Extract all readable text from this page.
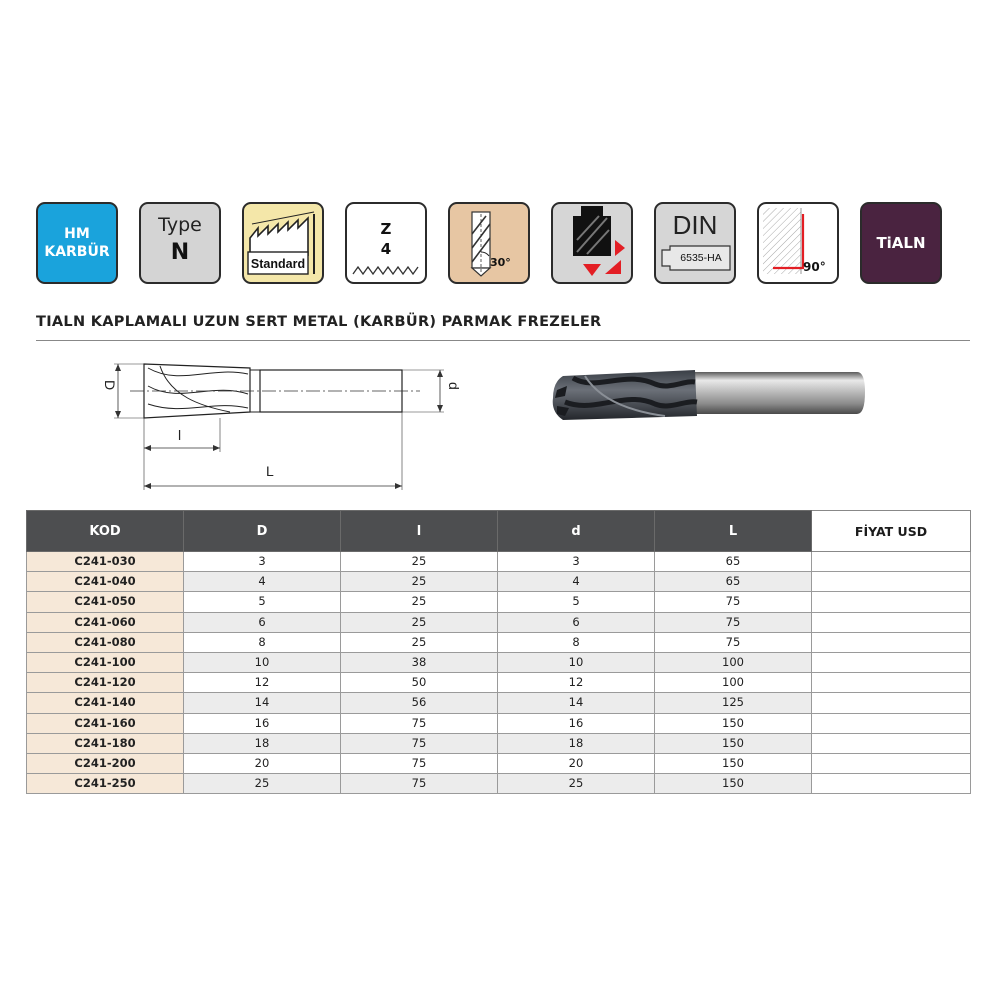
HM
KARBÜR
Type
N	Standard
Z
4
30°
DIN
6535-HA
90°
TiALN
TIALN KAPLAMALI UZUN SERT METAL (KARBÜR) PARMAK FREZELER
D	d
l
L
KOD	D	l	d	L	FİYAT USD
C241-030	3	25	3	65	
C241-040	4	25	4	65	
C241-050	5	25	5	75	
C241-060	6	25	6	75	
C241-080	8	25	8	75	
C241-100	10	38	10	100	
C241-120	12	50	12	100	
C241-140	14	56	14	125	
C241-160	16	75	16	150	
C241-180	18	75	18	150	
C241-200	20	75	20	150	
C241-250	25	75	25	150	
